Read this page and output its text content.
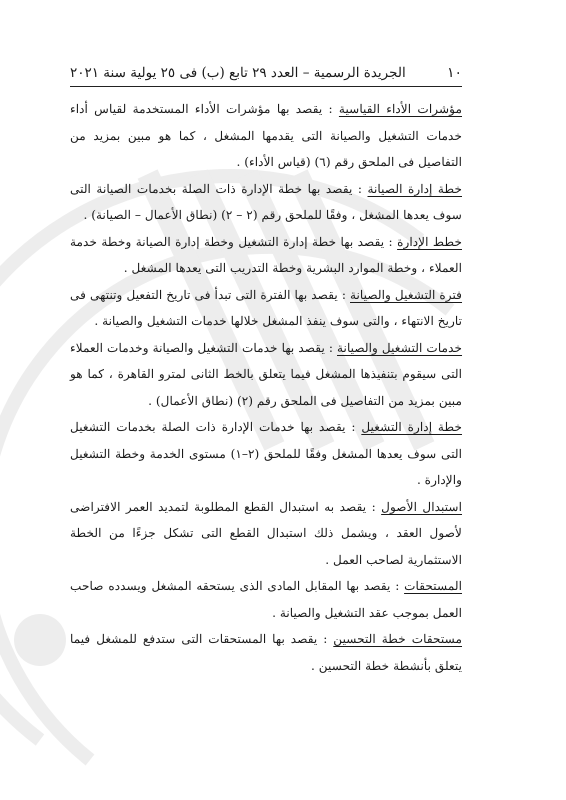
١٠
الجريدة الرسمية – العدد ٢٩ تابع (ب) فى ٢٥ يولية سنة ٢٠٢١

مؤشرات الأداء القياسية : يقصد بها مؤشرات الأداء المستخدمة لقياس أداء خدمات التشغيل والصيانة التى يقدمها المشغل ، كما هو مبين بمزيد من التفاصيل فى الملحق رقم (٦) (قياس الأداء) .

خطة إدارة الصيانة : يقصد بها خطة الإدارة ذات الصلة بخدمات الصيانة التى سوف يعدها المشغل ، وفقًا للملحق رقم (٢ – ٢) (نطاق الأعمال – الصيانة) .

خطط الإدارة : يقصد بها خطة إدارة التشغيل وخطة إدارة الصيانة وخطة خدمة العملاء ، وخطة الموارد البشرية وخطة التدريب التى يعدها المشغل .

فترة التشغيل والصيانة : يقصد بها الفترة التى تبدأ فى تاريخ التفعيل وتنتهى فى تاريخ الانتهاء ، والتى سوف ينفذ المشغل خلالها خدمات التشغيل والصيانة .

خدمات التشغيل والصيانة : يقصد بها خدمات التشغيل والصيانة وخدمات العملاء التى سيقوم بتنفيذها المشغل فيما يتعلق بالخط الثانى لمترو القاهرة ، كما هو مبين بمزيد من التفاصيل فى الملحق رقم (٢) (نطاق الأعمال) .

خطة إدارة التشغيل : يقصد بها خدمات الإدارة ذات الصلة بخدمات التشغيل التى سوف يعدها المشغل وفقًا للملحق (٢–١) مستوى الخدمة وخطة التشغيل والإدارة .

استبدال الأصول : يقصد به استبدال القطع المطلوبة لتمديد العمر الافتراضى لأصول العقد ، ويشمل ذلك استبدال القطع التى تشكل جزءًا من الخطة الاستثمارية لصاحب العمل .

المستحقات : يقصد بها المقابل المادى الذى يستحقه المشغل ويسدده صاحب العمل بموجب عقد التشغيل والصيانة .

مستحقات خطة التحسين : يقصد بها المستحقات التى ستدفع للمشغل فيما يتعلق بأنشطة خطة التحسين .
